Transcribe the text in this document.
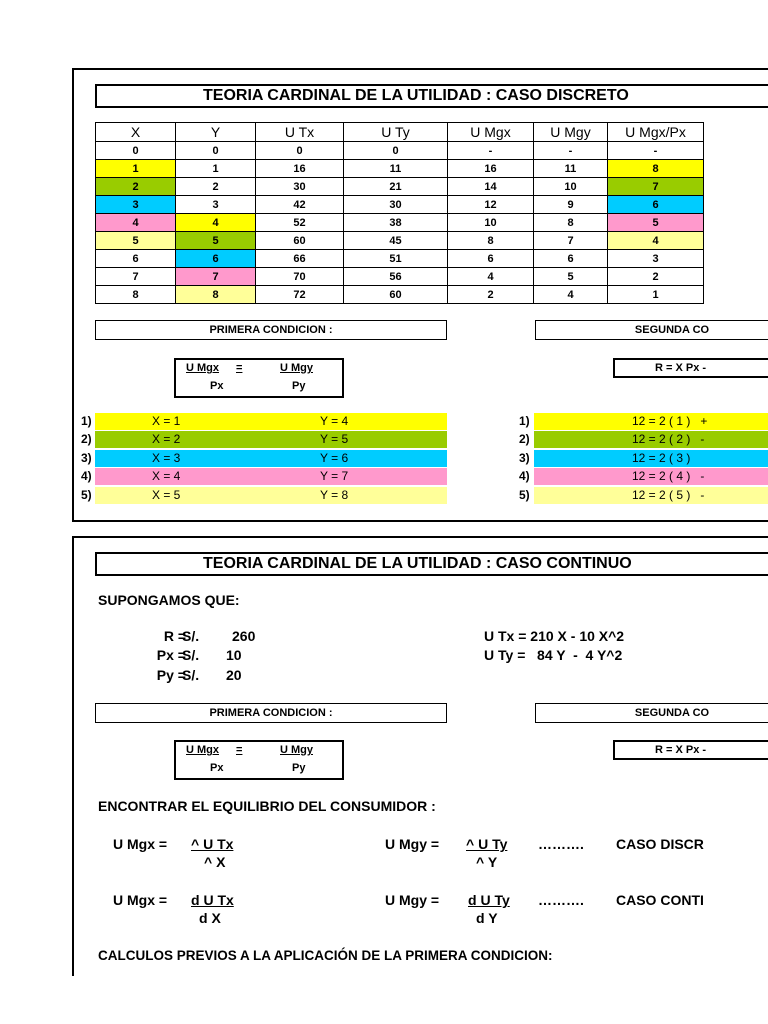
TEORIA CARDINAL DE LA UTILIDAD : CASO DISCRETO
X	Y	U Tx	U Ty	U Mgx	U Mgy	U Mgx/Px
0	0	0	0	-	-	-
1	1	16	11	16	11	8
2	2	30	21	14	10	7
3	3	42	30	12	9	6
4	4	52	38	10	8	5
5	5	60	45	8	7	4
6	6	66	51	6	6	3
7	7	70	56	4	5	2
8	8	72	60	2	4	1
PRIMERA CONDICION :	SEGUNDA CO
U Mgx =	U Mgy
Px	Py
R = X Px -
1)	X = 1	Y = 4
2)	X = 2	Y = 5
3)	X = 3	Y = 6
4)	X = 4	Y = 7
5)	X = 5	Y = 8
1)	12 = 2 ( 1 )   +
2)	12 = 2 ( 2 )   -
3)	12 = 2 ( 3 )
4)	12 = 2 ( 4 )   -
5)	12 = 2 ( 5 )   -
TEORIA CARDINAL DE LA UTILIDAD : CASO CONTINUO
SUPONGAMOS QUE:
R =
S/. 260
Px =
S/. 10
Py =
S/. 20
U Tx = 210 X - 10 X^2
U Ty =   84 Y  -  4 Y^2
PRIMERA CONDICION :	SEGUNDA CO
U Mgx =	U Mgy
Px	Py
R = X Px -
ENCONTRAR EL EQUILIBRIO DEL CONSUMIDOR :
U Mgx = ^ U Tx
^ X
U Mgy = ^ U Ty
^ Y
………. CASO DISCR
U Mgx = d U Tx
d X
U Mgy = d U Ty
d Y
………. CASO CONTI
CALCULOS PREVIOS A LA APLICACIÓN DE LA PRIMERA CONDICION:
